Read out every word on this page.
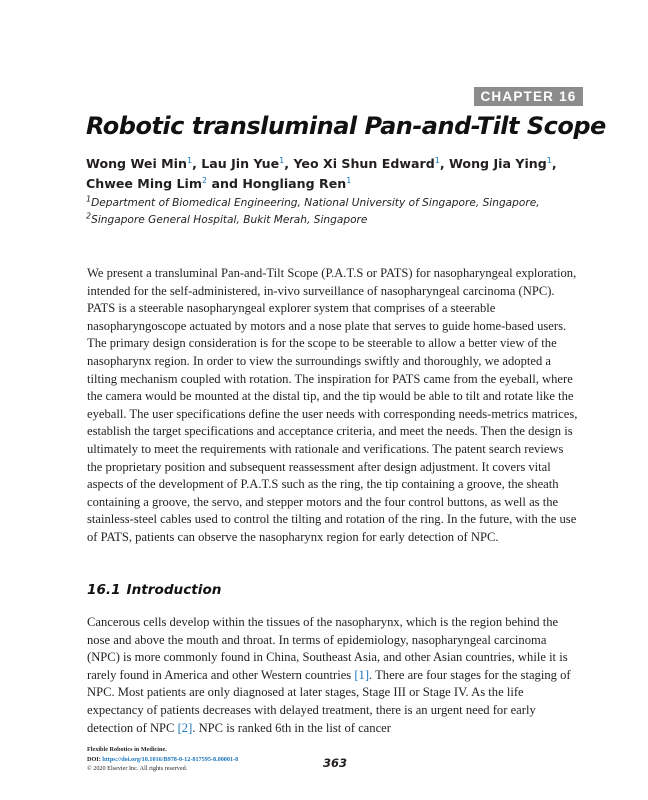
CHAPTER 16
Robotic transluminal Pan-and-Tilt Scope

Wong Wei Min$^1$, Lau Jin Yue$^1$, Yeo Xi Shun Edward$^1$, Wong Jia Ying$^1$, Chwee Ming Lim$^2$ and Hongliang Ren$^1$

$^1$Department of Biomedical Engineering, National University of Singapore, Singapore, $^2$Singapore General Hospital, Bukit Merah, Singapore

We present a transluminal Pan-and-Tilt Scope (P.A.T.S or PATS) for nasopharyngeal exploration, intended for the self-administered, in-vivo surveillance of nasopharyngeal carcinoma (NPC). PATS is a steerable nasopharyngeal explorer system that comprises of a steerable nasopharyngoscope actuated by motors and a nose plate that serves to guide home-based users. The primary design consideration is for the scope to be steerable to allow a better view of the nasopharynx region. In order to view the surroundings swiftly and thoroughly, we adopted a tilting mechanism coupled with rotation. The inspiration for PATS came from the eyeball, where the camera would be mounted at the distal tip, and the tip would be able to tilt and rotate like the eyeball. The user specifications define the user needs with corresponding needs-metrics matrices, establish the target specifications and acceptance criteria, and meet the needs. Then the design is ultimately to meet the requirements with rationale and verifications. The patent search reviews the proprietary position and subsequent reassessment after design adjustment. It covers vital aspects of the development of P.A.T.S such as the ring, the tip containing a groove, the sheath containing a groove, the servo, and stepper motors and the four control buttons, as well as the stainless-steel cables used to control the tilting and rotation of the ring. In the future, with the use of PATS, patients can observe the nasopharynx region for early detection of NPC.

16.1 Introduction

Cancerous cells develop within the tissues of the nasopharynx, which is the region behind the nose and above the mouth and throat. In terms of epidemiology, nasopharyngeal carcinoma (NPC) is more commonly found in China, Southeast Asia, and other Asian countries, while it is rarely found in America and other Western countries [1]. There are four stages for the staging of NPC. Most patients are only diagnosed at later stages, Stage III or Stage IV. As the life expectancy of patients decreases with delayed treatment, there is an urgent need for early detection of NPC [2]. NPC is ranked 6th in the list of cancer

Flexible Robotics in Medicine.
DOI: https://doi.org/10.1016/B978-0-12-817595-8.00001-8
© 2020 Elsevier Inc. All rights reserved.	363
